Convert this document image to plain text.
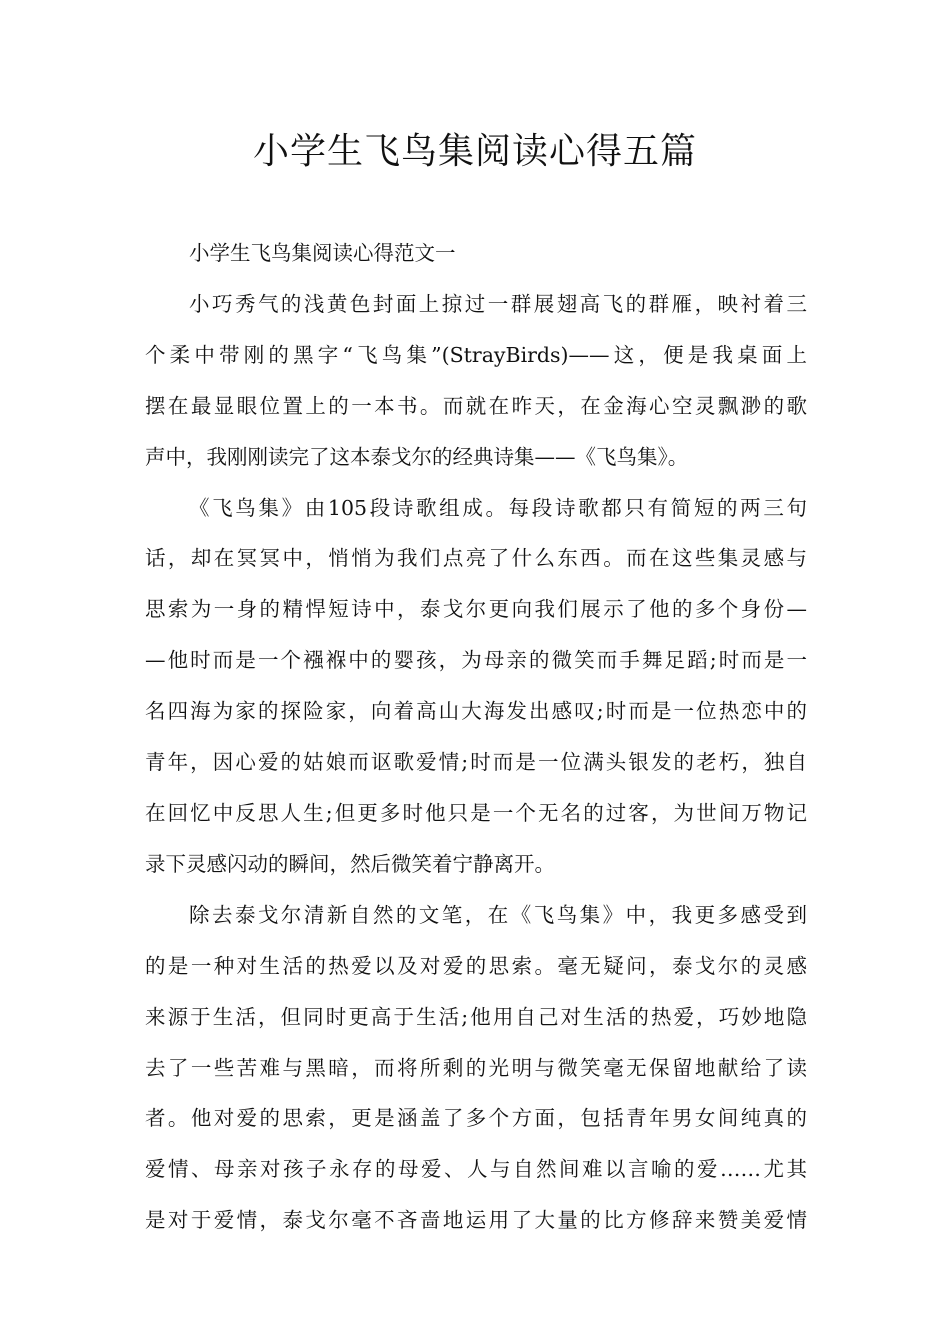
小学生飞鸟集阅读心得五篇

小学生飞鸟集阅读心得范文一

小巧秀气的浅黄色封面上掠过一群展翅高飞的群雁，映衬着三
个柔中带刚的黑字“飞鸟集”(StrayBirds)——这，便是我桌面上
摆在最显眼位置上的一本书。而就在昨天，在金海心空灵飘渺的歌
声中，我刚刚读完了这本泰戈尔的经典诗集——《飞鸟集》。

《飞鸟集》由105段诗歌组成。每段诗歌都只有简短的两三句
话，却在冥冥中，悄悄为我们点亮了什么东西。而在这些集灵感与
思索为一身的精悍短诗中，泰戈尔更向我们展示了他的多个身份—
—他时而是一个襁褓中的婴孩，为母亲的微笑而手舞足蹈;时而是一
名四海为家的探险家，向着高山大海发出感叹;时而是一位热恋中的
青年，因心爱的姑娘而讴歌爱情;时而是一位满头银发的老朽，独自
在回忆中反思人生;但更多时他只是一个无名的过客，为世间万物记
录下灵感闪动的瞬间，然后微笑着宁静离开。

除去泰戈尔清新自然的文笔，在《飞鸟集》中，我更多感受到
的是一种对生活的热爱以及对爱的思索。毫无疑问，泰戈尔的灵感
来源于生活，但同时更高于生活;他用自己对生活的热爱，巧妙地隐
去了一些苦难与黑暗，而将所剩的光明与微笑毫无保留地献给了读
者。他对爱的思索，更是涵盖了多个方面，包括青年男女间纯真的
爱情、母亲对孩子永存的母爱、人与自然间难以言喻的爱……尤其
是对于爱情，泰戈尔毫不吝啬地运用了大量的比方修辞来赞美爱情
